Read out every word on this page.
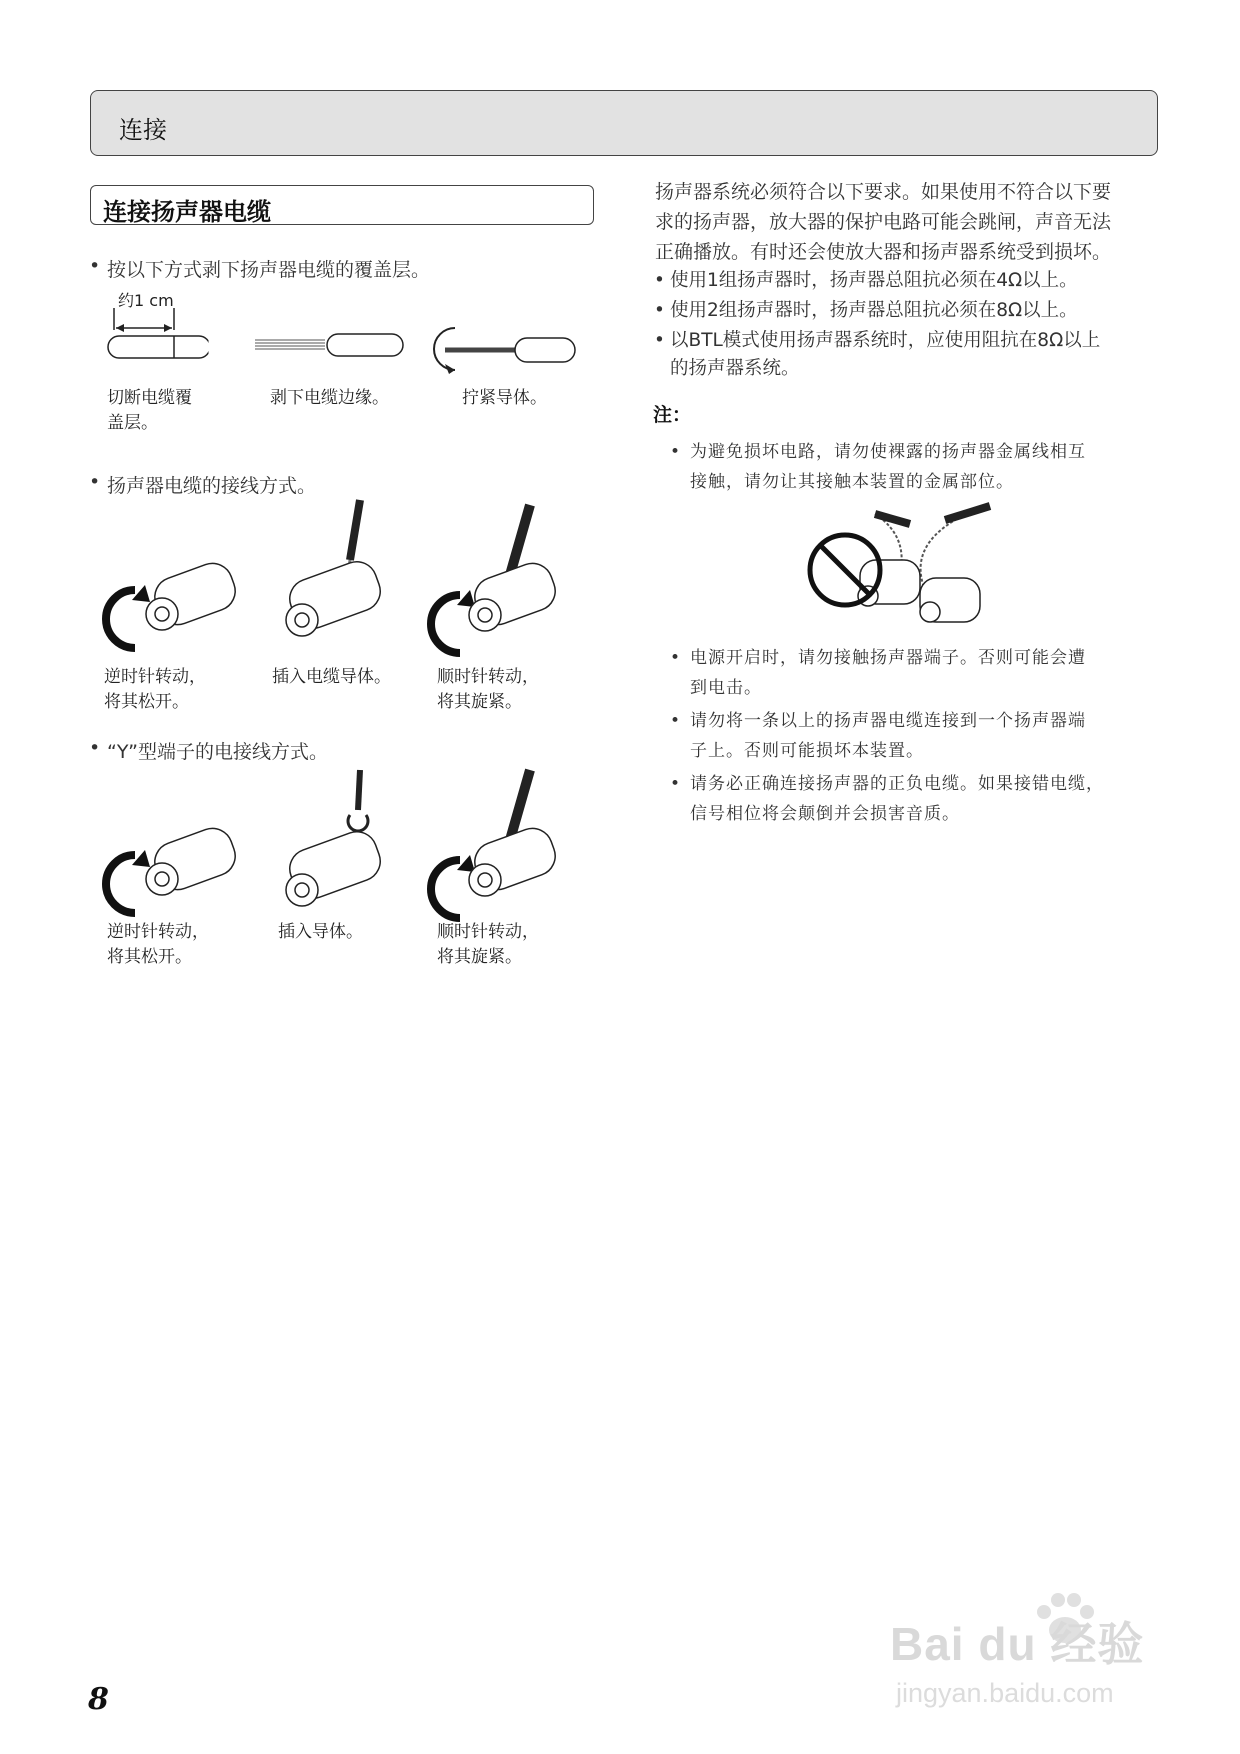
连接
连接扬声器电缆
• 按以下方式剥下扬声器电缆的覆盖层。
约1 cm
切断电缆覆
盖层。
剥下电缆边缘。	拧紧导体。
• 扬声器电缆的接线方式。
逆时针转动，
将其松开。
插入电缆导体。	顺时针转动，
将其旋紧。
• “Y”型端子的电接线方式。
逆时针转动，
将其松开。
插入导体。	顺时针转动，
将其旋紧。
扬声器系统必须符合以下要求。如果使用不符合以下要
求的扬声器，放大器的保护电路可能会跳闸，声音无法
正确播放。有时还会使放大器和扬声器系统受到损坏。
• 使用1组扬声器时，扬声器总阻抗必须在4Ω以上。
• 使用2组扬声器时，扬声器总阻抗必须在8Ω以上。
• 以BTL模式使用扬声器系统时，应使用阻抗在8Ω以上
的扬声器系统。
注：
• 为避免损坏电路，请勿使裸露的扬声器金属线相互
接触，请勿让其接触本装置的金属部位。
• 电源开启时，请勿接触扬声器端子。否则可能会遭
到电击。
• 请勿将一条以上的扬声器电缆连接到一个扬声器端
子上。否则可能损坏本装置。
• 请务必正确连接扬声器的正负电缆。如果接错电缆，
信号相位将会颠倒并会损害音质。
8
Bai du 经验
jingyan.baidu.com
